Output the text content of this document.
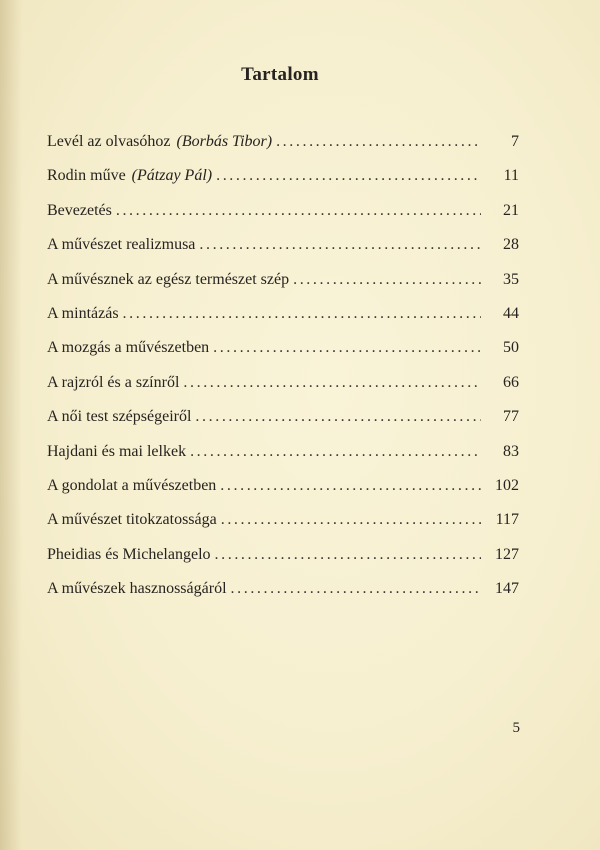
Tartalom
Levél az olvasóhoz (Borbás Tibor) .....	7
Rodin műve (Pátzay Pál) .....	11
Bevezetés .....	21
A művészet realizmusa .....	28
A művésznek az egész természet szép .....	35
A mintázás .....	44
A mozgás a művészetben .....	50
A rajzról és a színről .....	66
A női test szépségeiről .....	77
Hajdani és mai lelkek .....	83
A gondolat a művészetben .....	102
A művészet titokzatossága .....	117
Pheidias és Michelangelo .....	127
A művészek hasznosságáról .....	147
5
